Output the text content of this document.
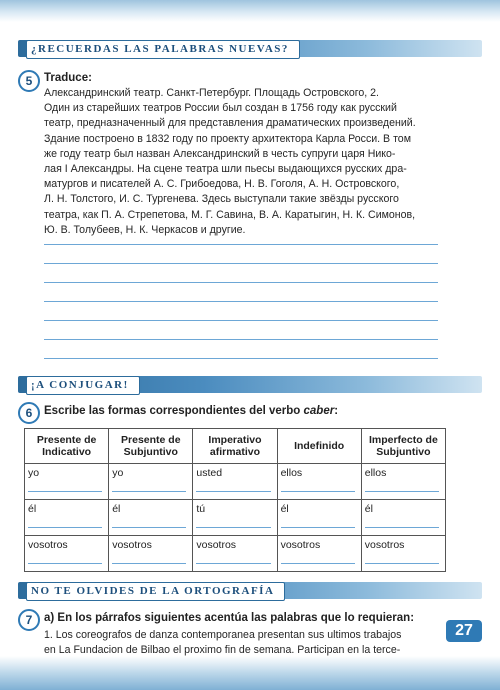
¿RECUERDAS LAS PALABRAS NUEVAS?
5	Traduce:

Александринский театр. Санкт-Петербург. Площадь Островского, 2.

Один из старейших театров России был создан в 1756 году как русский

театр, предназначенный для представления драматических произведений.

Здание построено в 1832 году по проекту архитектора Карла Росси. В том

же году театр был назван Александринский в честь супруги царя Нико-

лая I Александры. На сцене театра шли пьесы выдающихся русских дра-

матургов и писателей А. С. Грибоедова, Н. В. Гоголя, А. Н. Островского,

Л. Н. Толстого, И. С. Тургенева. Здесь выступали такие звёзды русского

театра, как П. А. Стрепетова, М. Г. Савина, В. А. Каратыгин, Н. К. Симонов,

Ю. В. Толубеев, Н. К. Черкасов и другие.

¡A CONJUGAR!
6	Escribe las formas correspondientes del verbo caber:
Presente de Indicativo	Presente de Subjuntivo	Imperativo afirmativo	Indefinido	Imperfecto de Subjuntivo
yo	yo	usted	ellos	ellos

él	él	tú	él	él

vosotros	vosotros	vosotros	vosotros	vosotros
NO TE OLVIDES DE LA ORTOGRAFÍA
7	a) En los párrafos siguientes acentúa las palabras que lo requieran:

1. Los coreografos de danza contemporanea presentan sus ultimos trabajos

en La Fundacion de Bilbao el proximo fin de semana. Participan en la terce-

27
